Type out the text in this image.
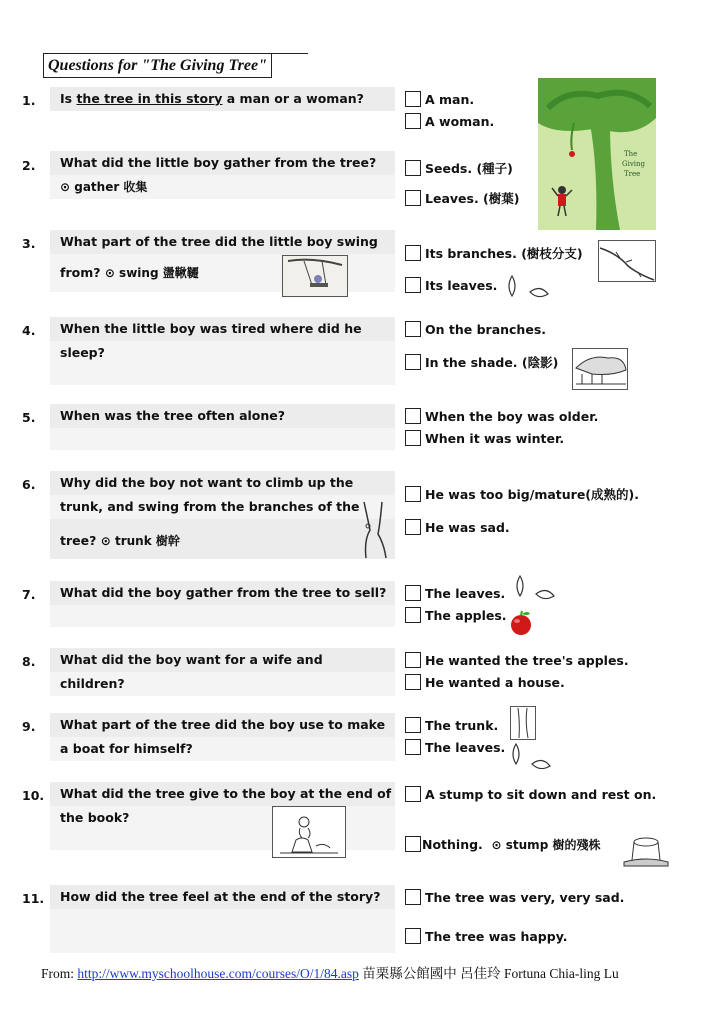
Questions for "The Giving Tree"
1.	Is the tree in this story a man or a woman?	A man.
A woman.
The
Giving
Tree
2.	What did the little boy gather from the tree?
⊙ gather 收集
Seeds. (種子)
Leaves. (樹葉)
3.	What part of the tree did the little boy swing
from? ⊙ swing 盪鞦韆
Its branches. (樹枝分支)
Its leaves.
4.	When the little boy was tired where did he
sleep?
On the branches.
In the shade. (陰影)
5.	When was the tree often alone?	When the boy was older.
When it was winter.
6.	Why did the boy not want to climb up the
trunk, and swing from the branches of the
tree? ⊙ trunk 樹幹
He was too big/mature(成熟的).
He was sad.
7.	What did the boy gather from the tree to sell?	The leaves.
The apples.
8.	What did the boy want for a wife and
children?
He wanted the tree's apples.
He wanted a house.
9.	What part of the tree did the boy use to make
a boat for himself?
The trunk.
The leaves.
10.	What did the tree give to the boy at the end of
the book?
A stump to sit down and rest on.
Nothing. ⊙ stump 樹的殘株
11.	How did the tree feel at the end of the story?	The tree was very, very sad.
The tree was happy.
From: http://www.myschoolhouse.com/courses/O/1/84.asp 苗栗縣公館國中 呂佳玲 Fortuna Chia-ling Lu
